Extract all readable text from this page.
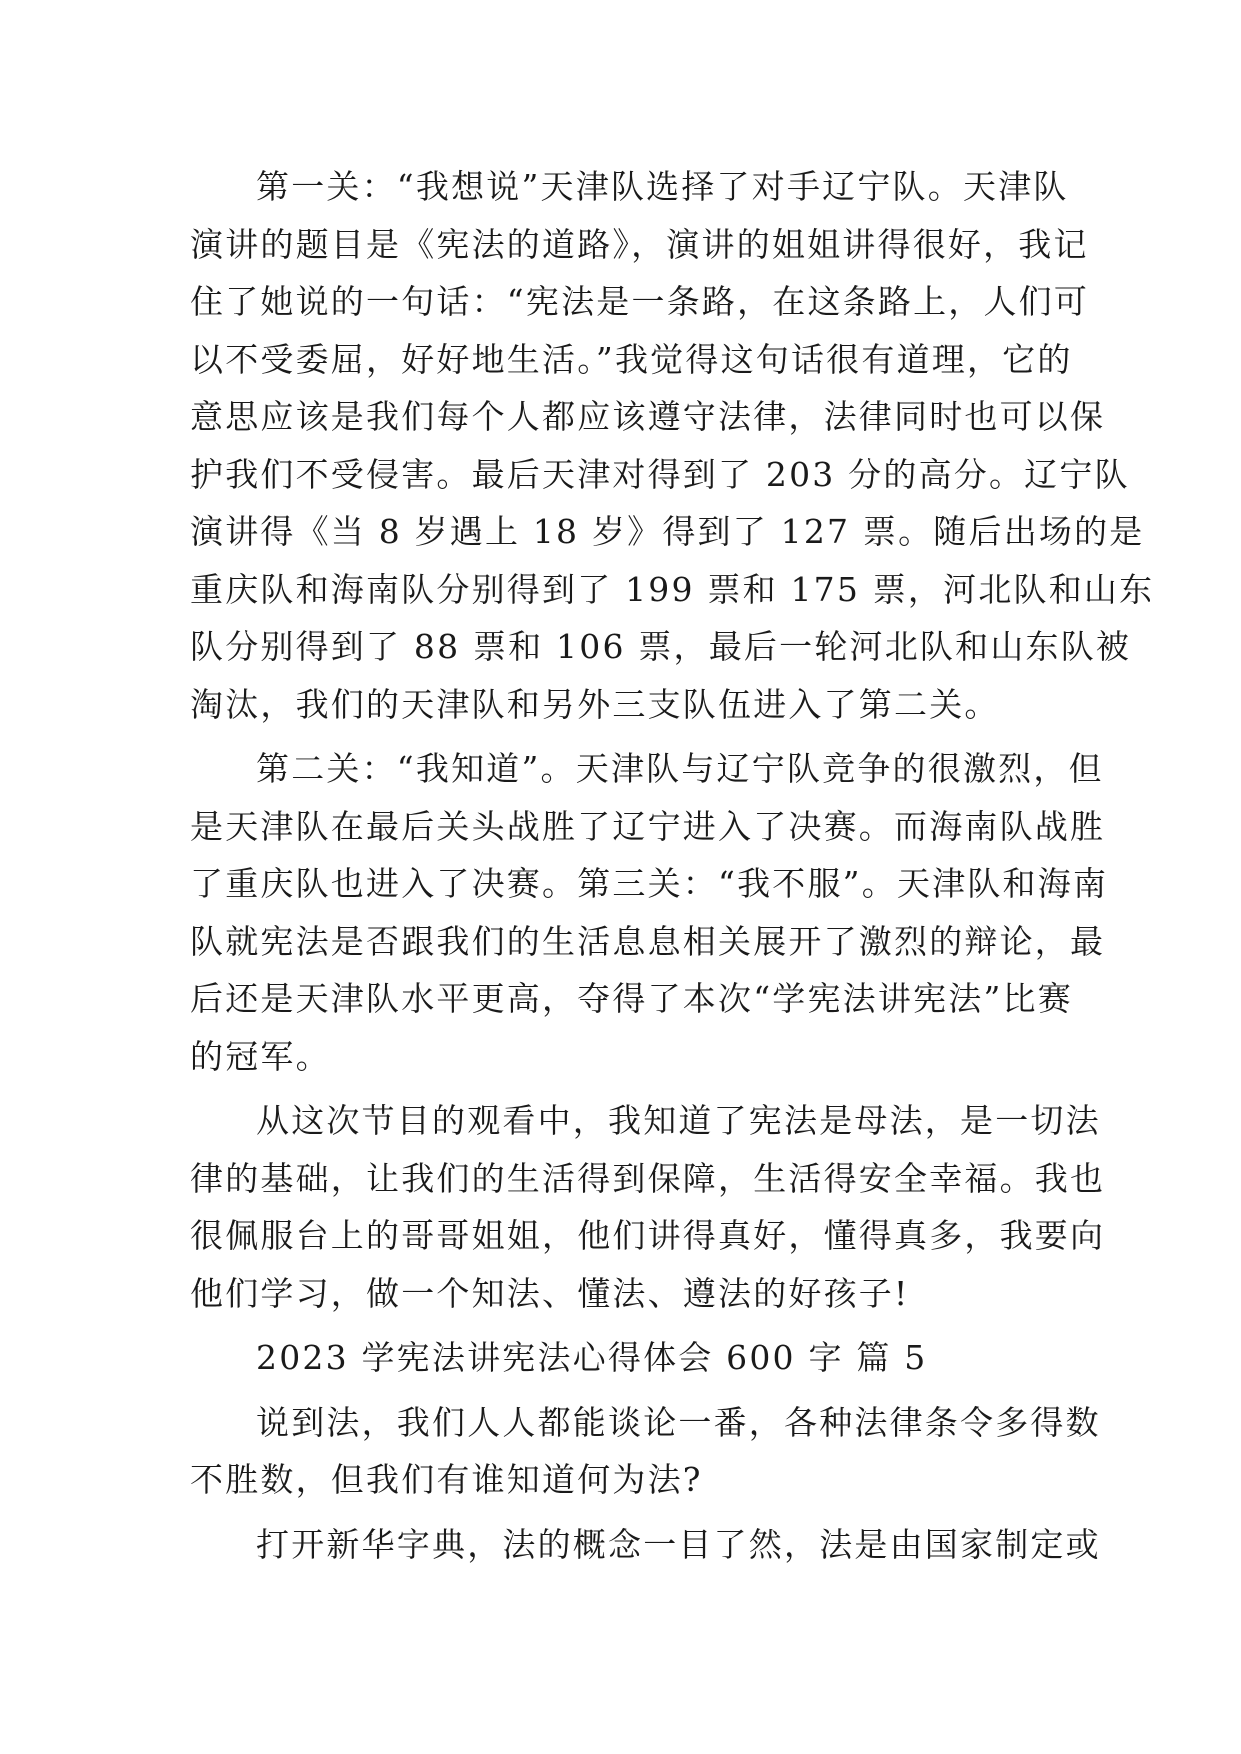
第一关：“我想说”天津队选择了对手辽宁队。天津队
演讲的题目是《宪法的道路》，演讲的姐姐讲得很好，我记
住了她说的一句话：“宪法是一条路，在这条路上，人们可
以不受委屈，好好地生活。”我觉得这句话很有道理，它的
意思应该是我们每个人都应该遵守法律，法律同时也可以保
护我们不受侵害。最后天津对得到了 203 分的高分。辽宁队
演讲得《当 8 岁遇上 18 岁》得到了 127 票。随后出场的是
重庆队和海南队分别得到了 199 票和 175 票，河北队和山东
队分别得到了 88 票和 106 票，最后一轮河北队和山东队被
淘汰，我们的天津队和另外三支队伍进入了第二关。
第二关：“我知道”。天津队与辽宁队竞争的很激烈，但
是天津队在最后关头战胜了辽宁进入了决赛。而海南队战胜
了重庆队也进入了决赛。第三关：“我不服”。天津队和海南
队就宪法是否跟我们的生活息息相关展开了激烈的辩论，最
后还是天津队水平更高，夺得了本次“学宪法讲宪法”比赛
的冠军。
从这次节目的观看中，我知道了宪法是母法，是一切法
律的基础，让我们的生活得到保障，生活得安全幸福。我也
很佩服台上的哥哥姐姐，他们讲得真好，懂得真多，我要向
他们学习，做一个知法、懂法、遵法的好孩子!
2023 学宪法讲宪法心得体会 600 字 篇 5
说到法，我们人人都能谈论一番，各种法律条令多得数
不胜数，但我们有谁知道何为法?
打开新华字典，法的概念一目了然，法是由国家制定或
